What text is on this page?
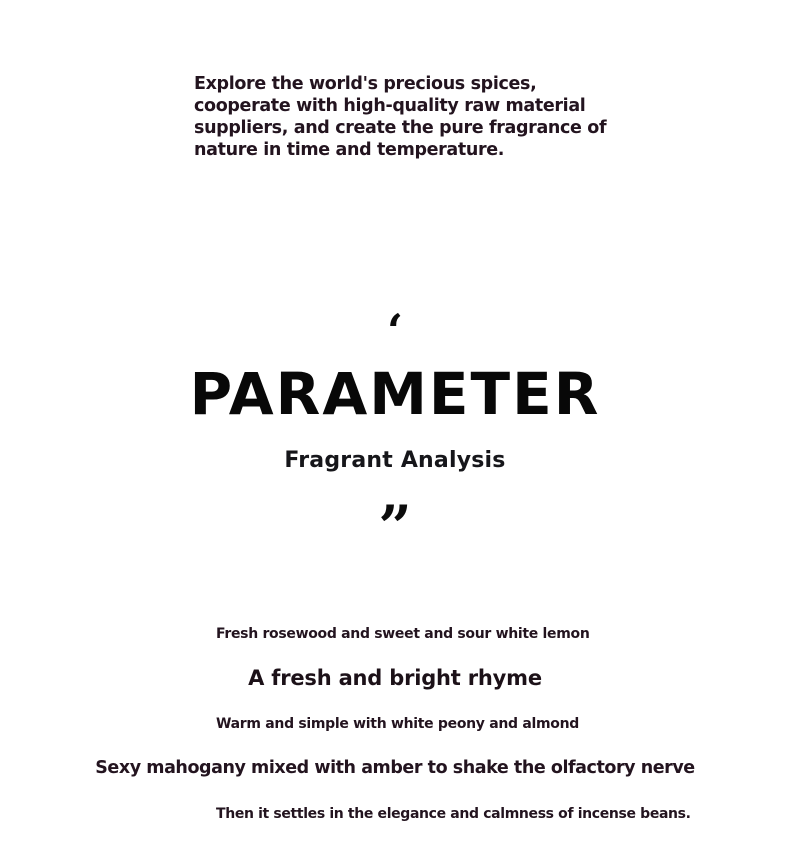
Explore the world's precious spices,
cooperate with high-quality raw material
suppliers, and create the pure fragrance of
nature in time and temperature.

‘
PARAMETER
Fragrant Analysis
”

Fresh rosewood and sweet and sour white lemon

A fresh and bright rhyme

Warm and simple with white peony and almond

Sexy mahogany mixed with amber to shake the olfactory nerve

Then it settles in the elegance and calmness of incense beans.
